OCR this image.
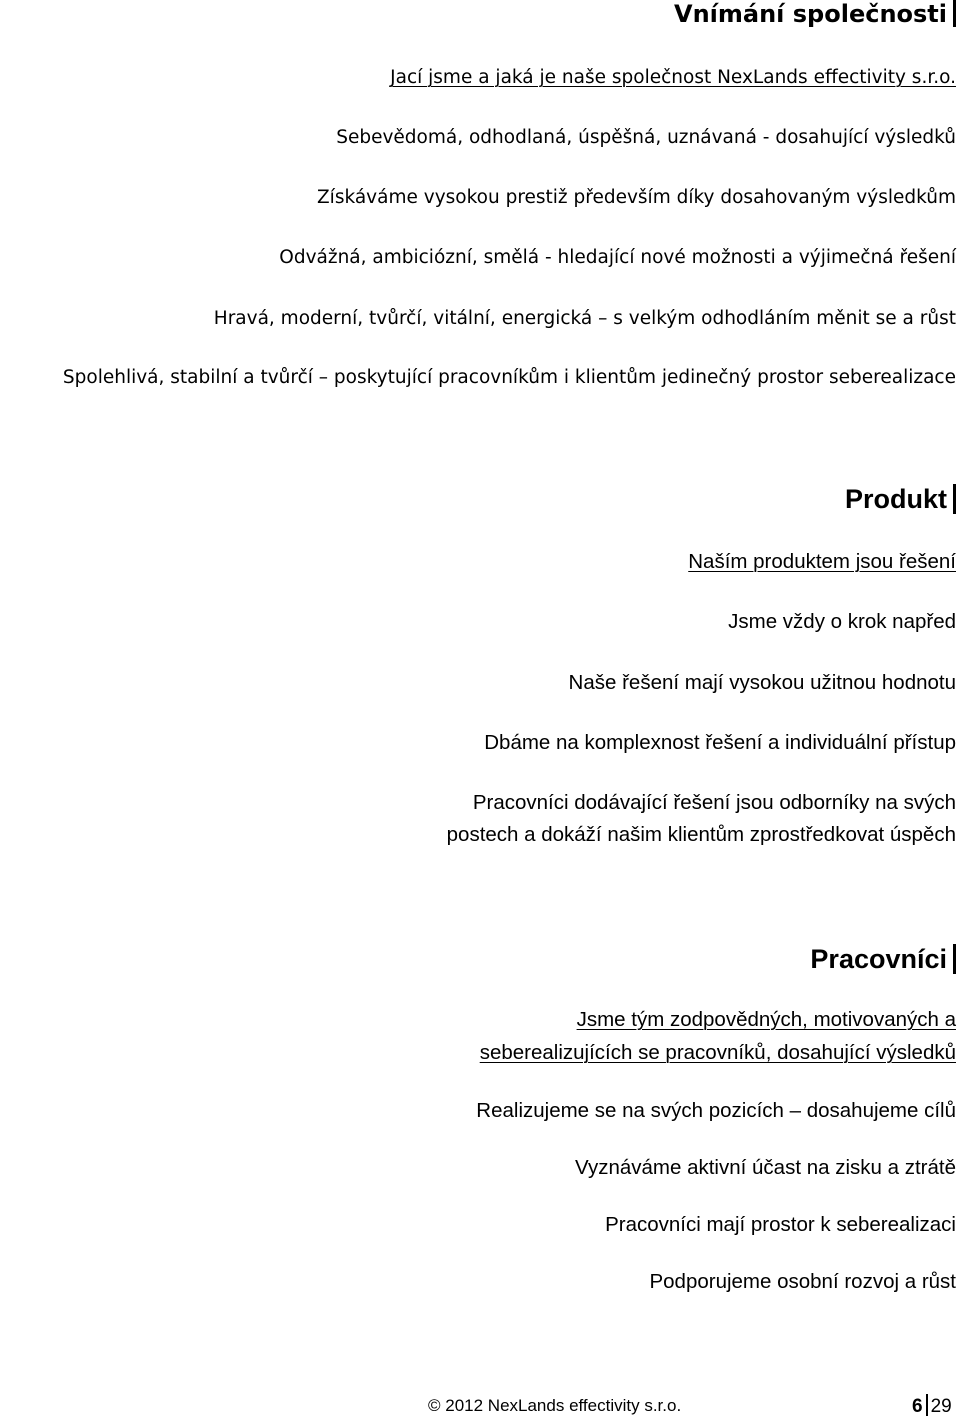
Vnímání společnosti
Jací jsme a jaká je naše společnost NexLands effectivity s.r.o.
Sebevědomá, odhodlaná, úspěšná, uznávaná - dosahující výsledků
Získáváme vysokou prestiž především díky dosahovaným výsledkům
Odvážná, ambiciózní, smělá - hledající nové možnosti a výjimečná řešení
Hravá, moderní, tvůrčí, vitální, energická – s velkým odhodláním měnit se a růst
Spolehlivá, stabilní a tvůrčí – poskytující pracovníkům i klientům jedinečný prostor seberealizace
Produkt
Naším produktem jsou řešení
Jsme vždy o krok napřed
Naše řešení mají vysokou užitnou hodnotu
Dbáme na komplexnost řešení a individuální přístup
Pracovníci dodávající řešení jsou odborníky na svých
postech a dokáží našim klientům zprostředkovat úspěch
Pracovníci
Jsme tým zodpovědných, motivovaných a
seberealizujících se pracovníků, dosahující výsledků
Realizujeme se na svých pozicích – dosahujeme cílů
Vyznáváme aktivní účast na zisku a ztrátě
Pracovníci mají prostor k seberealizaci
Podporujeme osobní rozvoj a růst
© 2012 NexLands effectivity s.r.o.	6 29
